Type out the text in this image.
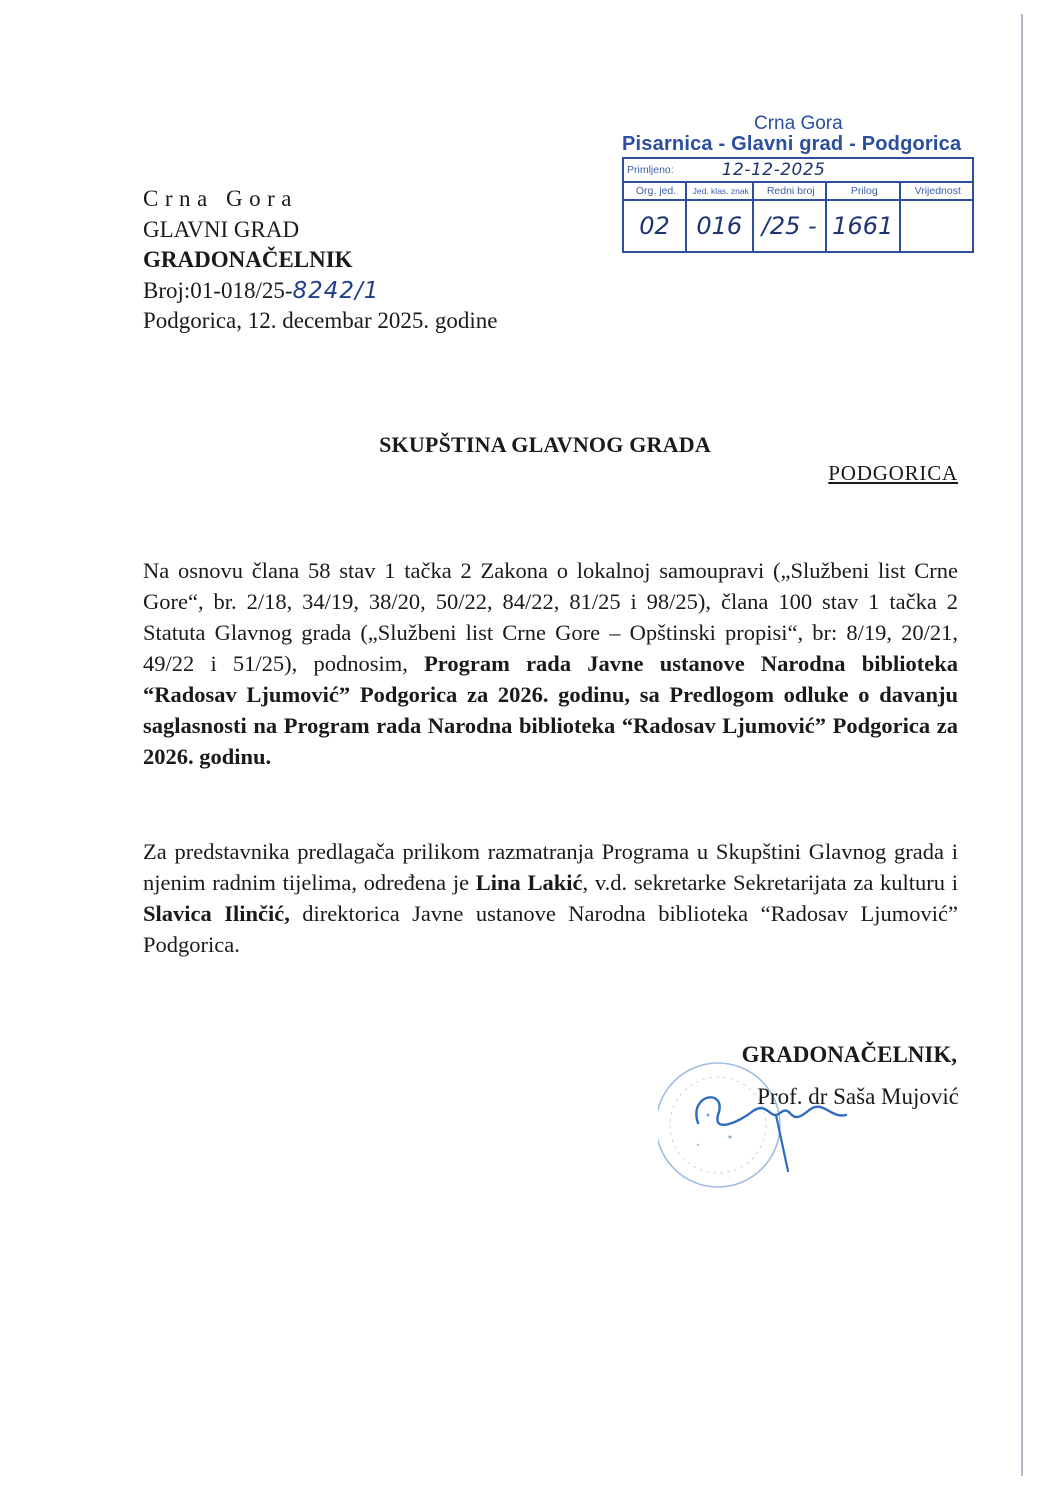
Crna Gora
GLAVNI GRAD
GRADONAČELNIK
Broj:01-018/25-8242/1
Podgorica, 12. decembar 2025. godine
Crna Gora
Pisarnica - Glavni grad - Podgorica
Primljeno: 12-12-2025				
Org. jed.	Jed. klas. znak	Redni broj	Prilog	Vrijednost
02	016	/25 -	1661	
SKUPŠTINA GLAVNOG GRADA
PODGORICA
Na osnovu člana 58 stav 1 tačka 2 Zakona o lokalnoj samoupravi („Službeni list Crne Gore“, br. 2/18, 34/19, 38/20, 50/22, 84/22, 81/25 i 98/25), člana 100 stav 1 tačka 2 Statuta Glavnog grada („Službeni list Crne Gore – Opštinski propisi“, br: 8/19, 20/21, 49/22 i 51/25), podnosim, Program rada Javne ustanove Narodna biblioteka “Radosav Ljumović” Podgorica za 2026. godinu, sa Predlogom odluke o davanju saglasnosti na Program rada Narodna biblioteka “Radosav Ljumović” Podgorica za 2026. godinu.
Za predstavnika predlagača prilikom razmatranja Programa u Skupštini Glavnog grada i njenim radnim tijelima, određena je Lina Lakić, v.d. sekretarke Sekretarijata za kulturu i Slavica Ilinčić, direktorica Javne ustanove Narodna biblioteka “Radosav Ljumović” Podgorica.
GRADONAČELNIK,
Prof. dr Saša Mujović
